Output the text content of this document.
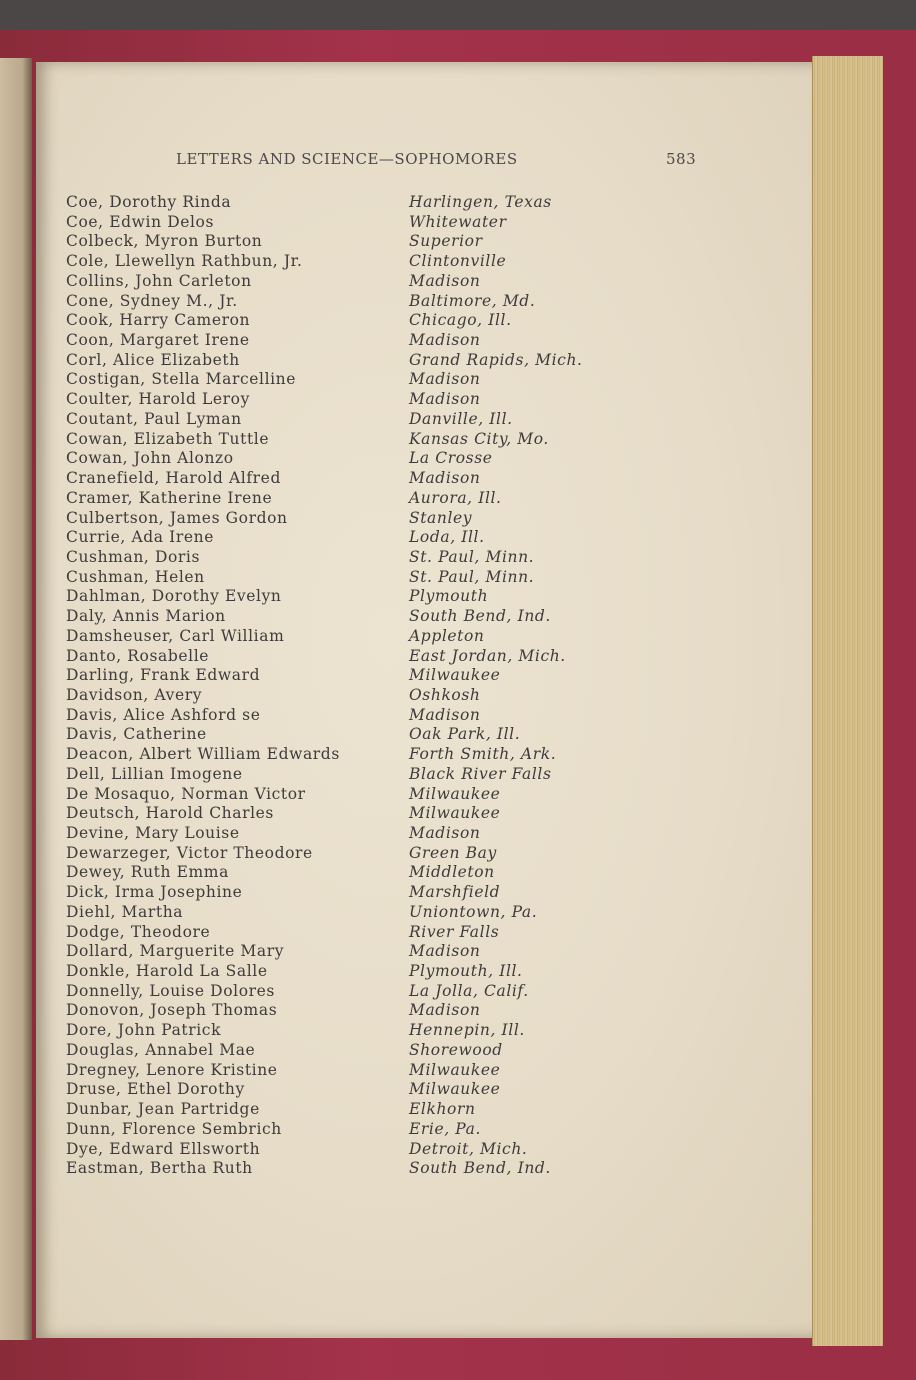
LETTERS AND SCIENCE—SOPHOMORES	583
Coe, Dorothy Rinda	Harlingen, Texas
Coe, Edwin Delos	Whitewater
Colbeck, Myron Burton	Superior
Cole, Llewellyn Rathbun, Jr.	Clintonville
Collins, John Carleton	Madison
Cone, Sydney M., Jr.	Baltimore, Md.
Cook, Harry Cameron	Chicago, Ill.
Coon, Margaret Irene	Madison
Corl, Alice Elizabeth	Grand Rapids, Mich.
Costigan, Stella Marcelline	Madison
Coulter, Harold Leroy	Madison
Coutant, Paul Lyman	Danville, Ill.
Cowan, Elizabeth Tuttle	Kansas City, Mo.
Cowan, John Alonzo	La Crosse
Cranefield, Harold Alfred	Madison
Cramer, Katherine Irene	Aurora, Ill.
Culbertson, James Gordon	Stanley
Currie, Ada Irene	Loda, Ill.
Cushman, Doris	St. Paul, Minn.
Cushman, Helen	St. Paul, Minn.
Dahlman, Dorothy Evelyn	Plymouth
Daly, Annis Marion	South Bend, Ind.
Damsheuser, Carl William	Appleton
Danto, Rosabelle	East Jordan, Mich.
Darling, Frank Edward	Milwaukee
Davidson, Avery	Oshkosh
Davis, Alice Ashford se	Madison
Davis, Catherine	Oak Park, Ill.
Deacon, Albert William Edwards	Forth Smith, Ark.
Dell, Lillian Imogene	Black River Falls
De Mosaquo, Norman Victor	Milwaukee
Deutsch, Harold Charles	Milwaukee
Devine, Mary Louise	Madison
Dewarzeger, Victor Theodore	Green Bay
Dewey, Ruth Emma	Middleton
Dick, Irma Josephine	Marshfield
Diehl, Martha	Uniontown, Pa.
Dodge, Theodore	River Falls
Dollard, Marguerite Mary	Madison
Donkle, Harold La Salle	Plymouth, Ill.
Donnelly, Louise Dolores	La Jolla, Calif.
Donovon, Joseph Thomas	Madison
Dore, John Patrick	Hennepin, Ill.
Douglas, Annabel Mae	Shorewood
Dregney, Lenore Kristine	Milwaukee
Druse, Ethel Dorothy	Milwaukee
Dunbar, Jean Partridge	Elkhorn
Dunn, Florence Sembrich	Erie, Pa.
Dye, Edward Ellsworth	Detroit, Mich.
Eastman, Bertha Ruth	South Bend, Ind.
